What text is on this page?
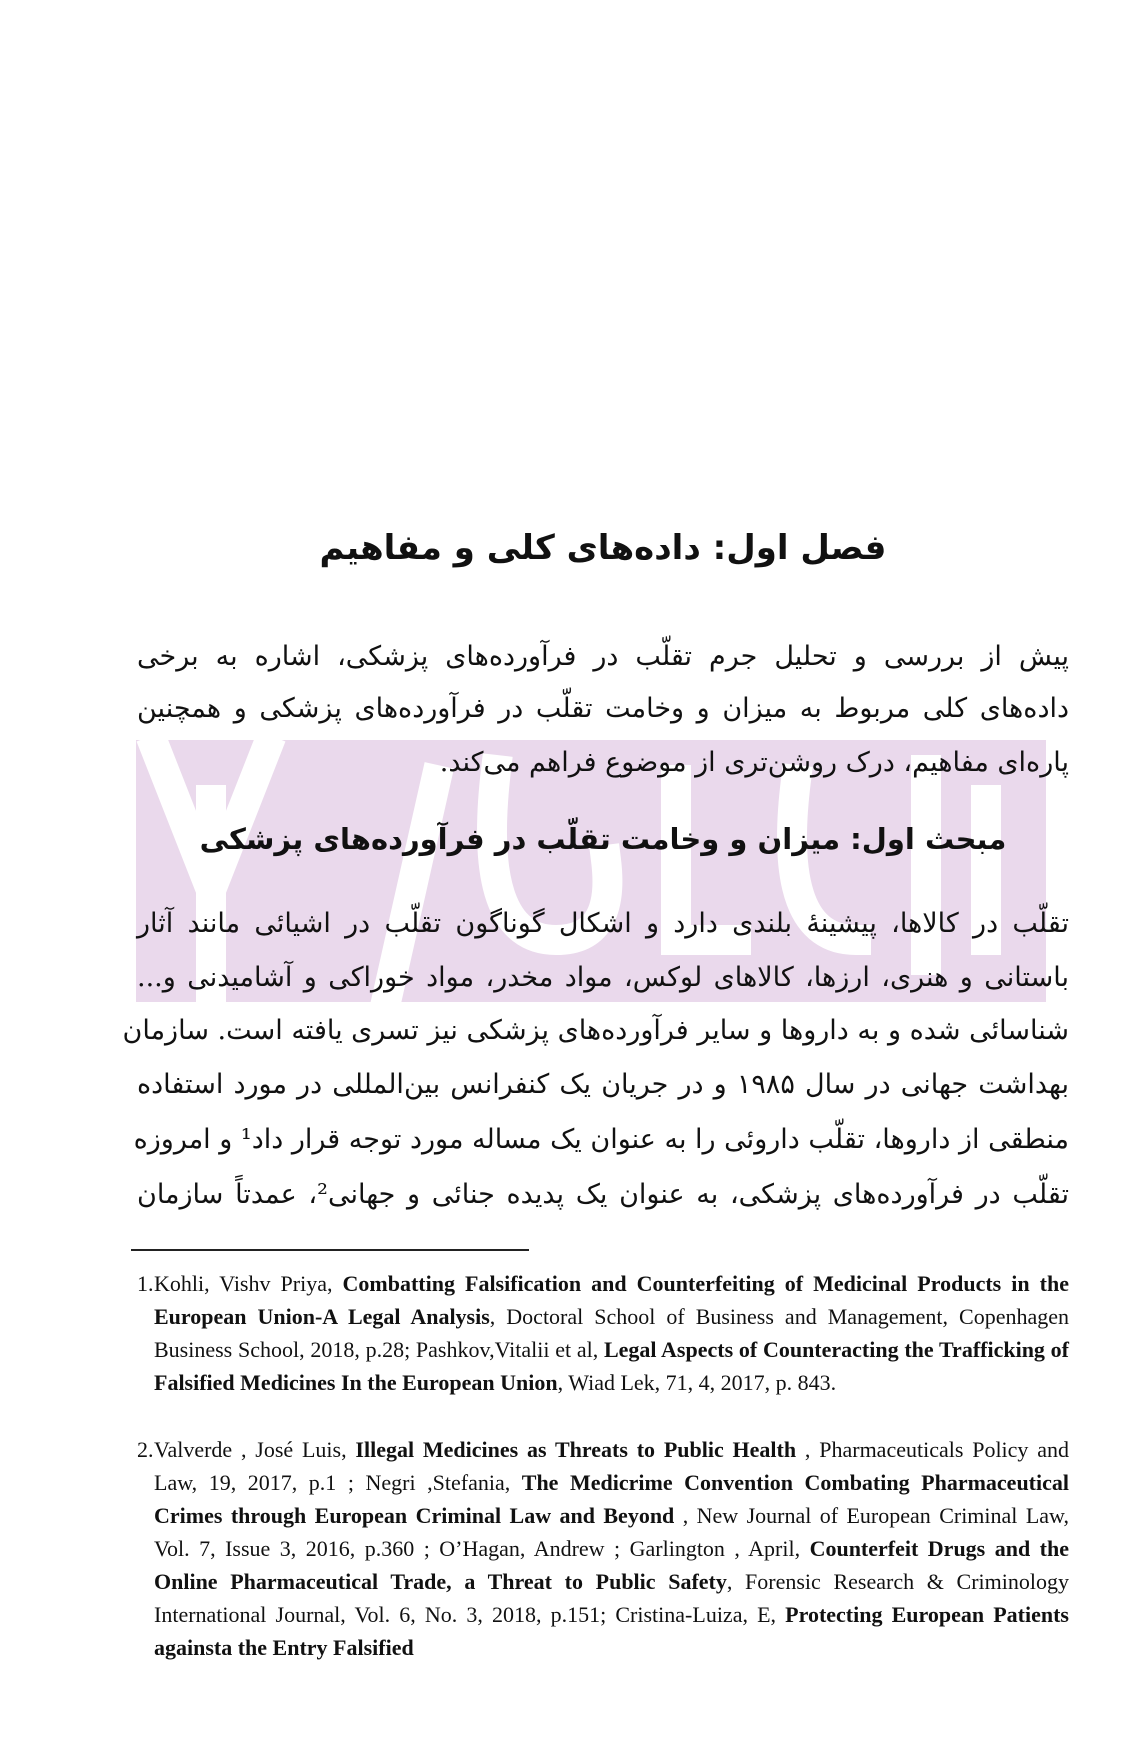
فصل اول: داده‌های کلی و مفاهیم
پیش از بررسی و تحلیل جرم تقلّب در فرآورده‌های پزشکی، اشاره به برخی
داده‌های کلی مربوط به میزان و وخامت تقلّب در فرآورده‌های پزشکی و همچنین
پاره‌ای مفاهیم، درک روشن‌تری از موضوع فراهم می‌کند.
مبحث اول: میزان و وخامت تقلّب در فرآورده‌های پزشکی
تقلّب در کالاها، پیشینهٔ بلندی دارد و اشکال گوناگون تقلّب در اشیائی مانند آثار
باستانی و هنری، ارزها، کالاهای لوکس، مواد مخدر، مواد خوراکی و آشامیدنی و...
شناسائی شده و به داروها و سایر فرآورده‌های پزشکی نیز تسری یافته است. سازمان
بهداشت جهانی در سال ۱۹۸۵ و در جریان یک کنفرانس بین‌المللی در مورد استفاده
منطقی از داروها، تقلّب داروئی را به عنوان یک مساله مورد توجه قرار داد¹ و امروزه
تقلّب در فرآورده‌های پزشکی، به عنوان یک پدیده جنائی و جهانی²، عمدتاً سازمان
1. Kohli, Vishv Priya, Combatting Falsification and Counterfeiting of Medicinal Products in the European Union-A Legal Analysis, Doctoral School of Business and Management, Copenhagen Business School, 2018, p.28; Pashkov,Vitalii et al, Legal Aspects of Counteracting the Trafficking of Falsified Medicines In the European Union, Wiad Lek, 71, 4, 2017, p. 843.
2. Valverde , José Luis, Illegal Medicines as Threats to Public Health , Pharmaceuticals Policy and Law, 19, 2017, p.1 ; Negri ,Stefania, The Medicrime Convention Combating Pharmaceutical Crimes through European Criminal Law and Beyond , New Journal of European Criminal Law, Vol. 7, Issue 3, 2016, p.360 ; O’Hagan, Andrew ; Garlington , April, Counterfeit Drugs and the Online Pharmaceutical Trade, a Threat to Public Safety, Forensic Research & Criminology International Journal, Vol. 6, No. 3, 2018, p.151; Cristina-Luiza, E, Protecting European Patients againsta the Entry Falsified
